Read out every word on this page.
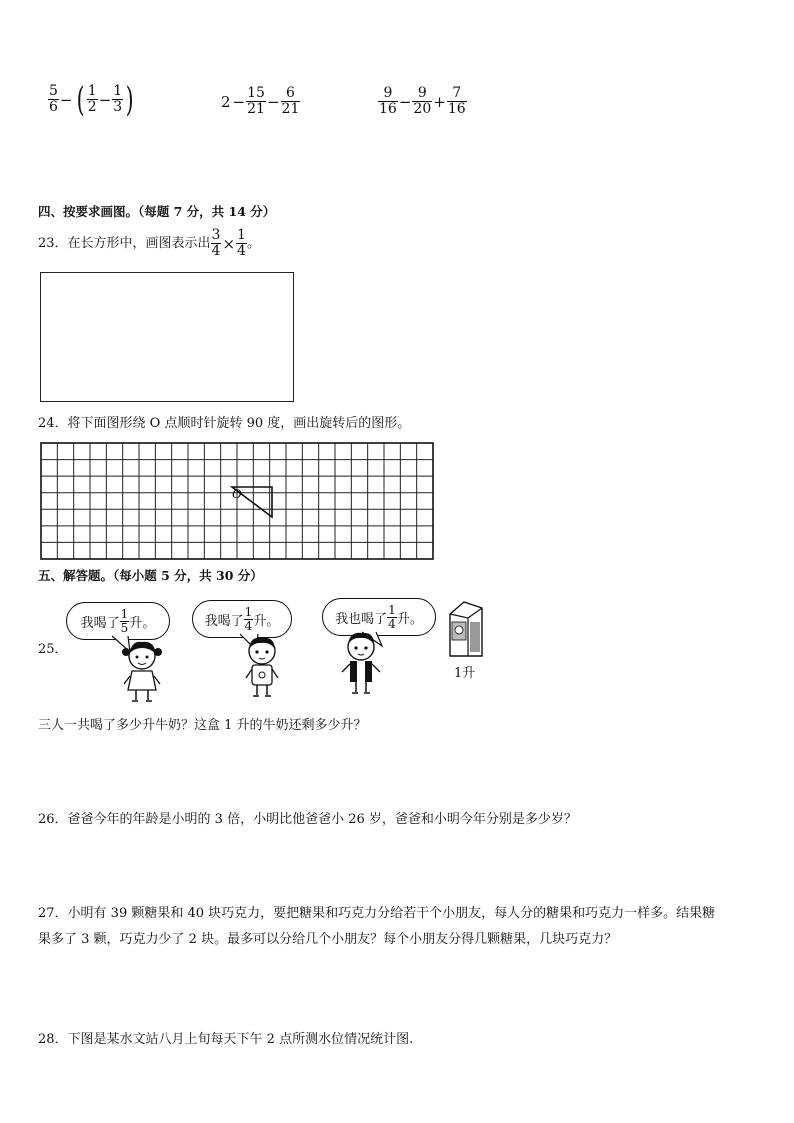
$\frac{5}{6}$ − ( $\frac{1}{2} - \frac{1}{3}$ )	$2 - \frac{15}{21} - \frac{6}{21}$	$\frac{9}{16} - \frac{9}{20} + \frac{7}{16}$
四、按要求画图。（每题 7 分，共 14 分）
23．在长方形中，画图表示出 $\frac{3}{4} \times \frac{1}{4}$ 。
24．将下面图形绕 O 点顺时针旋转 90 度，画出旋转后的图形。
O
五、解答题。（每小题 5 分，共 30 分）
25．
我喝了 $\frac{1}{5}$ 升。	我喝了 $\frac{1}{4}$ 升。	我也喝了 $\frac{1}{4}$ 升。
1升
三人一共喝了多少升牛奶？这盒 1 升的牛奶还剩多少升？
26．爸爸今年的年龄是小明的 3 倍，小明比他爸爸小 26 岁，爸爸和小明今年分别是多少岁？
27．小明有 39 颗糖果和 40 块巧克力，要把糖果和巧克力分给若干个小朋友，每人分的糖果和巧克力一样多。结果糖
果多了 3 颗，巧克力少了 2 块。最多可以分给几个小朋友？每个小朋友分得几颗糖果，几块巧克力？
28．下图是某水文站八月上旬每天下午 2 点所测水位情况统计图.
